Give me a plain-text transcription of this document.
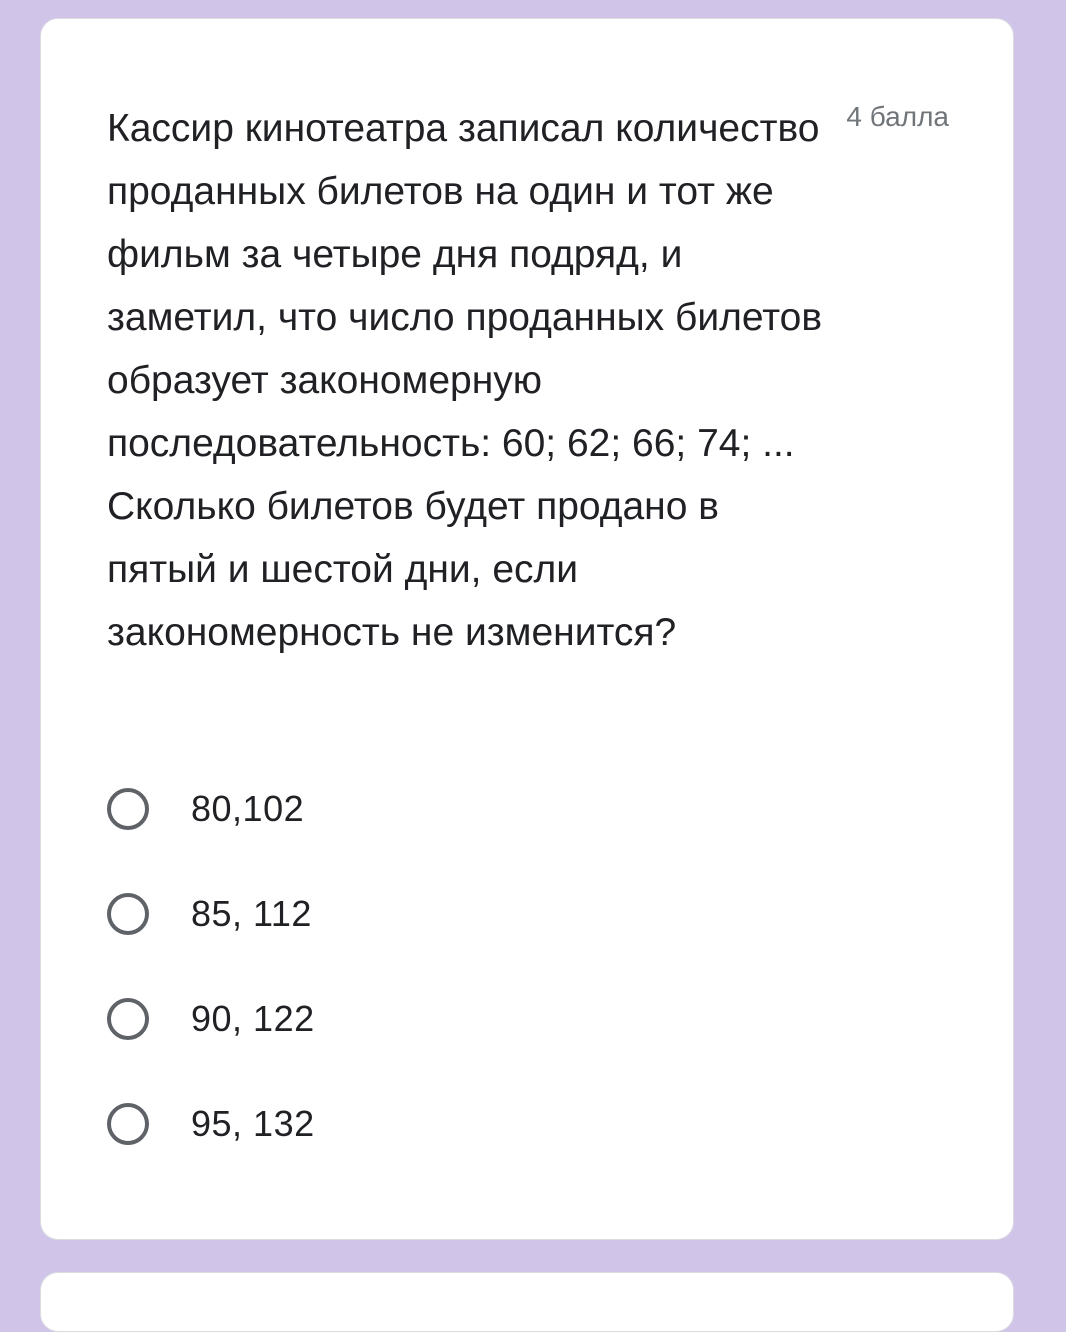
Кассир кинотеатра записал количество проданных билетов на один и тот же фильм за четыре дня подряд, и заметил, что число проданных билетов образует закономерную последовательность: 60; 62; 66; 74; ... Сколько билетов будет продано в пятый и шестой дни, если закономерность не изменится?

4 балла
80,102
85, 112
90, 122
95, 132
